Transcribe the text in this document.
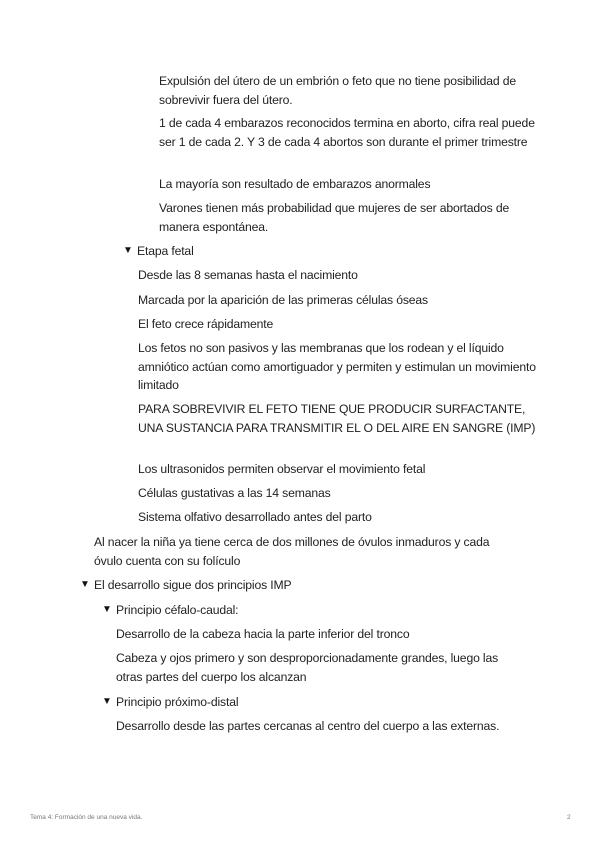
Expulsión del útero de un embrión o feto que no tiene posibilidad de sobrevivir fuera del útero.

1 de cada 4 embarazos reconocidos termina en aborto, cifra real puede ser 1 de cada 2. Y 3 de cada 4 abortos son durante el primer trimestre

La mayoría son resultado de embarazos anormales

Varones tienen más probabilidad que mujeres de ser abortados de manera espontánea.

▼ Etapa fetal

Desde las 8 semanas hasta el nacimiento

Marcada por la aparición de las primeras células óseas

El feto crece rápidamente

Los fetos no son pasivos y las membranas que los rodean y el líquido amniótico actúan como amortiguador y permiten y estimulan un movimiento limitado

PARA SOBREVIVIR EL FETO TIENE QUE PRODUCIR SURFACTANTE, UNA SUSTANCIA PARA TRANSMITIR EL O DEL AIRE EN SANGRE (IMP)

Los ultrasonidos permiten observar el movimiento fetal

Células gustativas a las 14 semanas

Sistema olfativo desarrollado antes del parto

Al nacer la niña ya tiene cerca de dos millones de óvulos inmaduros y cada óvulo cuenta con su folículo

▼ El desarrollo sigue dos principios IMP

▼ Principio céfalo-caudal:

Desarrollo de la cabeza hacia la parte inferior del tronco

Cabeza y ojos primero y son desproporcionadamente grandes, luego las otras partes del cuerpo los alcanzan

▼ Principio próximo-distal

Desarrollo desde las partes cercanas al centro del cuerpo a las externas.

Tema 4: Formación de una nueva vida.	2
